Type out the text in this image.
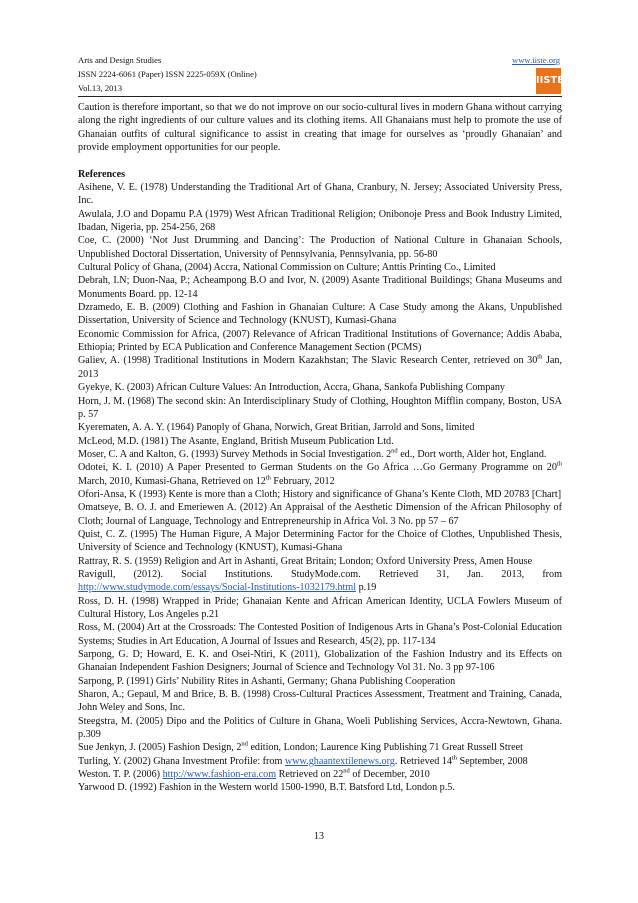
Arts and Design Studies	www.iiste.org
ISSN 2224-6061 (Paper) ISSN 2225-059X (Online)
Vol.13, 2013
IISTE

Caution is therefore important, so that we do not improve on our socio-cultural lives in modern Ghana without carrying along the right ingredients of our culture values and its clothing items. All Ghanaians must help to promote the use of Ghanaian outfits of cultural significance to assist in creating that image for ourselves as ‘proudly Ghanaian’ and provide employment opportunities for our people.

References

Asihene, V. E. (1978) Understanding the Traditional Art of Ghana, Cranbury, N. Jersey; Associated University Press, Inc.

Awulala, J.O and Dopamu P.A (1979) West African Traditional Religion; Onibonoje Press and Book Industry Limited, Ibadan, Nigeria, pp. 254-256, 268

Coe, C. (2000) ‘Not Just Drumming and Dancing’: The Production of National Culture in Ghanaian Schools, Unpublished Doctoral Dissertation, University of Pennsylvania, Pennsylvania, pp. 56-80

Cultural Policy of Ghana, (2004) Accra, National Commission on Culture; Anttis Printing Co., Limited

Debrah, I.N; Duon-Naa, P.; Acheampong B.O and Ivor, N. (2009) Asante Traditional Buildings; Ghana Museums and Monuments Board. pp. 12-14

Dzramedo, E. B. (2009) Clothing and Fashion in Ghanaian Culture: A Case Study among the Akans, Unpublished Dissertation, University of Science and Technology (KNUST), Kumasi-Ghana

Economic Commission for Africa, (2007) Relevance of African Traditional Institutions of Governance; Addis Ababa, Ethiopia; Printed by ECA Publication and Conference Management Section (PCMS)

Galiev, A. (1998) Traditional Institutions in Modern Kazakhstan; The Slavic Research Center, retrieved on 30th Jan, 2013

Gyekye, K. (2003) African Culture Values: An Introduction, Accra, Ghana, Sankofa Publishing Company

Horn, J. M. (1968) The second skin: An Interdisciplinary Study of Clothing, Houghton Mifflin company, Boston, USA p. 57

Kyerematen, A. A. Y. (1964) Panoply of Ghana, Norwich, Great Britian, Jarrold and Sons, limited

McLeod, M.D. (1981) The Asante, England, British Museum Publication Ltd.

Moser, C. A and Kalton, G. (1993) Survey Methods in Social Investigation. 2nd ed., Dort worth, Alder hot, England.

Odotei, K. I. (2010) A Paper Presented to German Students on the Go Africa …Go Germany Programme on 20th March, 2010, Kumasi-Ghana, Retrieved on 12th February, 2012

Ofori-Ansa, K (1993) Kente is more than a Cloth; History and significance of Ghana’s Kente Cloth, MD 20783 [Chart]

Omatseye, B. O. J. and Emeriewen A. (2012) An Appraisal of the Aesthetic Dimension of the African Philosophy of Cloth; Journal of Language, Technology and Entrepreneurship in Africa Vol. 3 No. pp 57 – 67

Quist, C. Z. (1995) The Human Figure, A Major Determining Factor for the Choice of Clothes, Unpublished Thesis, University of Science and Technology (KNUST), Kumasi-Ghana

Rattray, R. S. (1959) Religion and Art in Ashanti, Great Britain; London; Oxford University Press, Amen House

Ravigull, (2012). Social Institutions. StudyMode.com. Retrieved 31, Jan. 2013, from http://www.studymode.com/essays/Social-Institutions-1032179.html p.19

Ross, D. H. (1998) Wrapped in Pride; Ghanaian Kente and African American Identity, UCLA Fowlers Museum of Cultural History, Los Angeles p.21

Ross, M. (2004) Art at the Crossroads: The Contested Position of Indigenous Arts in Ghana’s Post-Colonial Education Systems; Studies in Art Education, A Journal of Issues and Research, 45(2), pp. 117-134

Sarpong, G. D; Howard, E. K. and Osei-Ntiri, K (2011), Globalization of the Fashion Industry and its Effects on Ghanaian Independent Fashion Designers; Journal of Science and Technology Vol 31. No. 3 pp 97-106

Sarpong, P. (1991) Girls’ Nubility Rites in Ashanti, Germany; Ghana Publishing Cooperation

Sharon, A.; Gepaul, M and Brice, B. B. (1998) Cross-Cultural Practices Assessment, Treatment and Training, Canada, John Weley and Sons, Inc.

Steegstra, M. (2005) Dipo and the Politics of Culture in Ghana, Woeli Publishing Services, Accra-Newtown, Ghana. p.309

Sue Jenkyn, J. (2005) Fashion Design, 2nd edition, London; Laurence King Publishing 71 Great Russell Street

Turling, Y. (2002) Ghana Investment Profile: from www.ghaantextilenews.org. Retrieved 14th September, 2008

Weston. T. P. (2006) http://www.fashion-era.com Retrieved on 22nd of December, 2010

Yarwood D. (1992) Fashion in the Western world 1500-1990, B.T. Batsford Ltd, London p.5.

13
